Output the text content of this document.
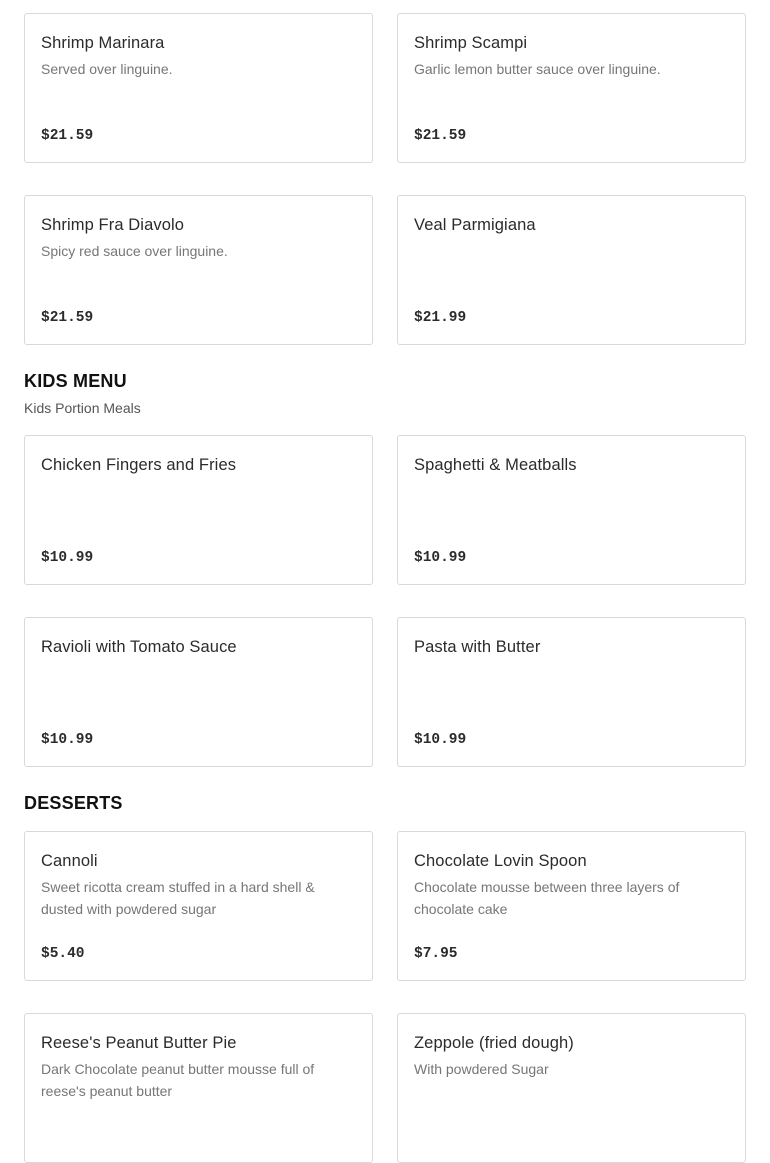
Shrimp Marinara
Served over linguine.
$21.59
Shrimp Scampi
Garlic lemon butter sauce over linguine.
$21.59
Shrimp Fra Diavolo
Spicy red sauce over linguine.
$21.59
Veal Parmigiana
$21.99
KIDS MENU

Kids Portion Meals

Chicken Fingers and Fries
$10.99
Spaghetti & Meatballs
$10.99
Ravioli with Tomato Sauce
$10.99
Pasta with Butter
$10.99
DESSERTS
Cannoli
Sweet ricotta cream stuffed in a hard shell & dusted with powdered sugar
$5.40
Chocolate Lovin Spoon
Chocolate mousse between three layers of chocolate cake
$7.95
Reese's Peanut Butter Pie
Dark Chocolate peanut butter mousse full of reese's peanut butter
Zeppole (fried dough)
With powdered Sugar
